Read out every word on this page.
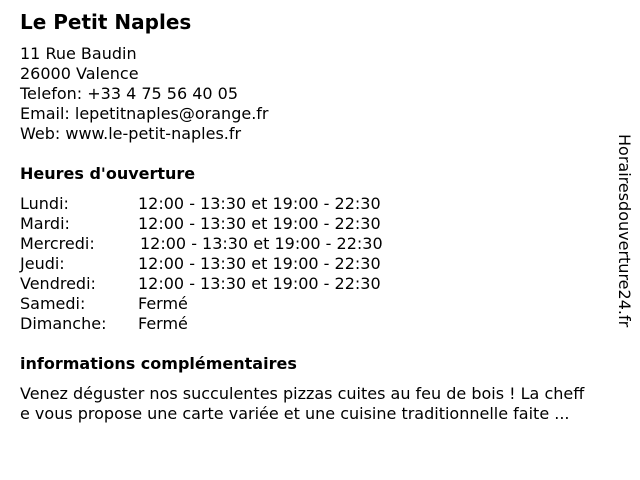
Le Petit Naples
11 Rue Baudin
26000 Valence
Telefon: +33 4 75 56 40 05
Email: lepetitnaples@orange.fr
Web: www.le-petit-naples.fr
Heures d'ouverture
Lundi:	12:00 - 13:30 et 19:00 - 22:30
Mardi:	12:00 - 13:30 et 19:00 - 22:30
Mercredi:	12:00 - 13:30 et 19:00 - 22:30
Jeudi:	12:00 - 13:30 et 19:00 - 22:30
Vendredi:	12:00 - 13:30 et 19:00 - 22:30
Samedi:	Fermé
Dimanche: Fermé
informations complémentaires
Venez déguster nos succulentes pizzas cuites au feu de bois ! La cheff
e vous propose une carte variée et une cuisine traditionnelle faite ...
Horairesdouverture24.fr
